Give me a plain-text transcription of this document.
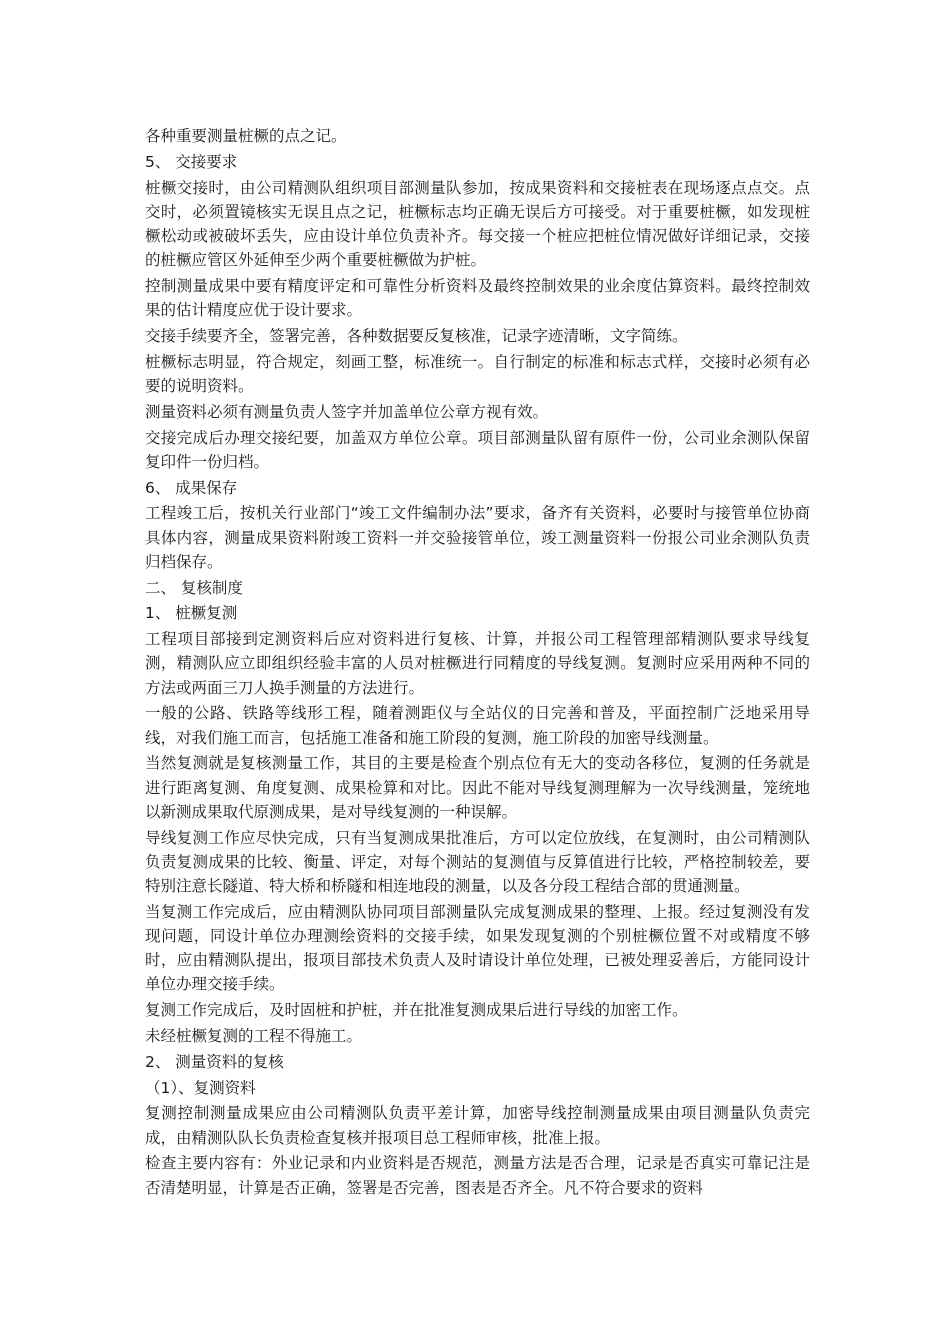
各种重要测量桩橛的点之记。

5、 交接要求

桩橛交接时，由公司精测队组织项目部测量队参加，按成果资料和交接桩表在现场逐点点交。点交时，必须置镜核实无误且点之记，桩橛标志均正确无误后方可接受。对于重要桩橛，如发现桩橛松动或被破坏丢失，应由设计单位负责补齐。每交接一个桩应把桩位情况做好详细记录，交接的桩橛应管区外延伸至少两个重要桩橛做为护桩。

控制测量成果中要有精度评定和可靠性分析资料及最终控制效果的业余度估算资料。最终控制效果的估计精度应优于设计要求。

交接手续要齐全，签署完善，各种数据要反复核准，记录字迹清晰，文字简练。

桩橛标志明显，符合规定，刻画工整，标准统一。自行制定的标准和标志式样，交接时必须有必要的说明资料。

测量资料必须有测量负责人签字并加盖单位公章方视有效。

交接完成后办理交接纪要，加盖双方单位公章。项目部测量队留有原件一份，公司业余测队保留复印件一份归档。

6、 成果保存

工程竣工后，按机关行业部门“竣工文件编制办法”要求，备齐有关资料，必要时与接管单位协商具体内容，测量成果资料附竣工资料一并交验接管单位，竣工测量资料一份报公司业余测队负责归档保存。

二、 复核制度

1、 桩橛复测

工程项目部接到定测资料后应对资料进行复核、计算，并报公司工程管理部精测队要求导线复测，精测队应立即组织经验丰富的人员对桩橛进行同精度的导线复测。复测时应采用两种不同的方法或两面三刀人换手测量的方法进行。

一般的公路、铁路等线形工程，随着测距仪与全站仪的日完善和普及，平面控制广泛地采用导线，对我们施工而言，包括施工准备和施工阶段的复测，施工阶段的加密导线测量。

当然复测就是复核测量工作，其目的主要是检查个别点位有无大的变动各移位，复测的任务就是进行距离复测、角度复测、成果检算和对比。因此不能对导线复测理解为一次导线测量，笼统地以新测成果取代原测成果，是对导线复测的一种误解。

导线复测工作应尽快完成，只有当复测成果批准后，方可以定位放线，在复测时，由公司精测队负责复测成果的比较、衡量、评定，对每个测站的复测值与反算值进行比较，严格控制较差，要特别注意长隧道、特大桥和桥隧和相连地段的测量，以及各分段工程结合部的贯通测量。

当复测工作完成后，应由精测队协同项目部测量队完成复测成果的整理、上报。经过复测没有发现问题，同设计单位办理测绘资料的交接手续，如果发现复测的个别桩橛位置不对或精度不够时，应由精测队提出，报项目部技术负责人及时请设计单位处理，已被处理妥善后，方能同设计单位办理交接手续。

复测工作完成后，及时固桩和护桩，并在批准复测成果后进行导线的加密工作。

未经桩橛复测的工程不得施工。

2、 测量资料的复核

（1）、复测资料

复测控制测量成果应由公司精测队负责平差计算，加密导线控制测量成果由项目测量队负责完成，由精测队队长负责检查复核并报项目总工程师审核，批准上报。

检查主要内容有：外业记录和内业资料是否规范，测量方法是否合理，记录是否真实可靠记注是否清楚明显，计算是否正确，签署是否完善，图表是否齐全。凡不符合要求的资料
